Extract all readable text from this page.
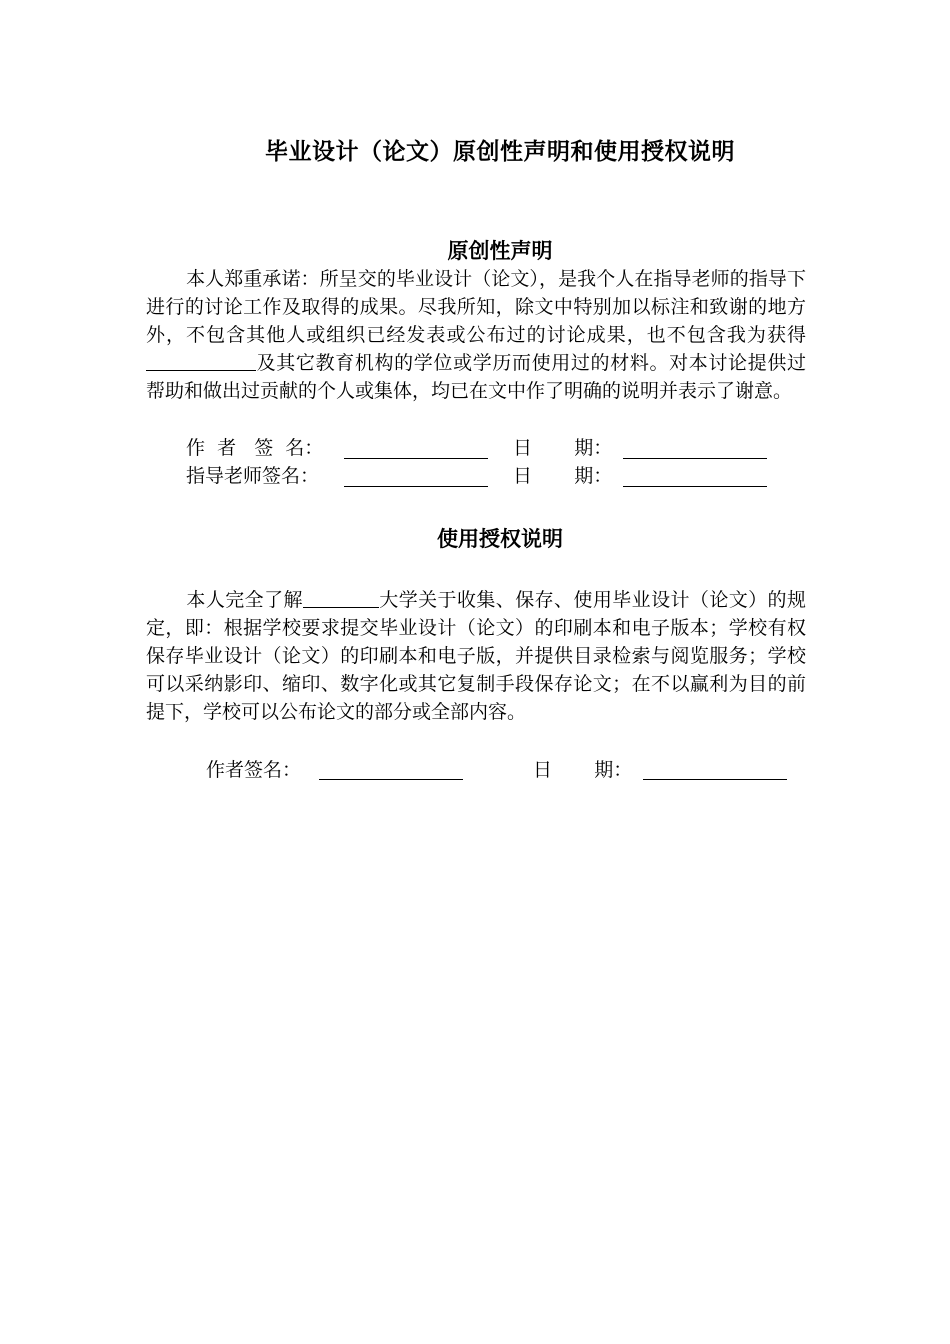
毕业设计（论文）原创性声明和使用授权说明
原创性声明

本人郑重承诺：所呈交的毕业设计（论文），是我个人在指导老师的指导下进行的讨论工作及取得的成果。尽我所知，除文中特别加以标注和致谢的地方外，不包含其他人或组织已经发表或公布过的讨论成果，也不包含我为获得及其它教育机构的学位或学历而使用过的材料。对本讨论提供过帮助和做出过贡献的个人或集体，均已在文中作了明确的说明并表示了谢意。

作  者   签  名：	日       期：
指导老师签名：	日       期：
使用授权说明

本人完全了解	大学关于收集、保存、使用毕业设计（论文）的规定，即：根据学校要求提交毕业设计（论文）的印刷本和电子版本；学校有权保存毕业设计（论文）的印刷本和电子版，并提供目录检索与阅览服务；学校可以采纳影印、缩印、数字化或其它复制手段保存论文；在不以赢利为目的前提下，学校可以公布论文的部分或全部内容。

作者签名：	日       期：
